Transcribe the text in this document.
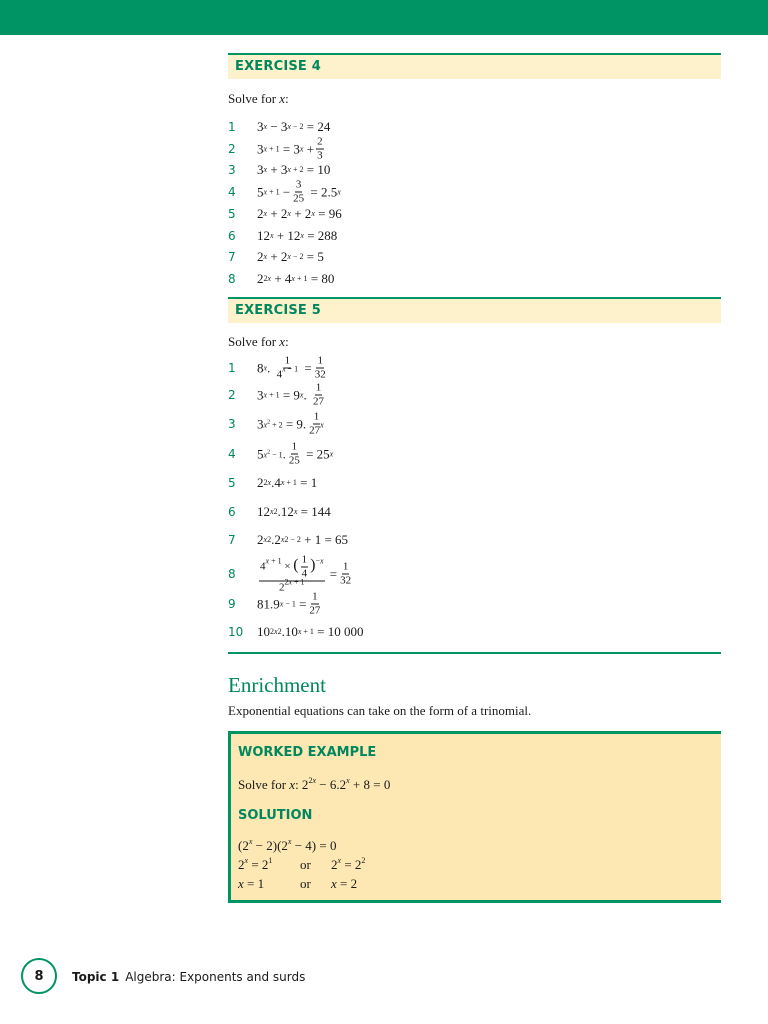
EXERCISE 4
Solve for x:
1 3 x − 3 x − 2 = 24
2 3 x + 1 = 3 x + 2
3
3 3 x + 3 x + 2 = 10
4 5 x + 1 − 3
25 = 2.5 x
5 2 x + 2 x + 2 x = 96
6 12 x + 12 x = 288
7 2 x + 2 x − 2 = 5
8 2 2x + 4 x + 1 = 80
EXERCISE 5
Solve for x:
1 8 x . 1
$4^{x - 1} = 1$
32
2 3 x + 1 = 9 x . 1
27
3 3 $x^2 + 2 = 9$. 1
27$^x$
4 5 $x^2 - 1$ . 1
25 = 25 x
5 2 2x .4 x + 1 = 1
6 12 x2 .12 x = 144
7 2 x2 .2 x2 − 2 + 1 = 65
8
$4^{x + 1}$ × ( $\frac{1}{4} )^{-x}$
$2^{2x + 1}$
= 1
32
9 81.9 x − 1 = 1
27
10 10 2x2 .10 x + 1 = 10 000
Enrichment
Exponential equations can take on the form of a trinomial.
WORKED EXAMPLE
Solve for x: $2^{2x} - 6.2^x + 8 = 0$
SOLUTION
$(2^x - 2)(2^x - 4) = 0$
$2^x = 2^1$ or $2^x = 2^2$
x = 1	or x = 2
8	Topic 1 Algebra: Exponents and surds
